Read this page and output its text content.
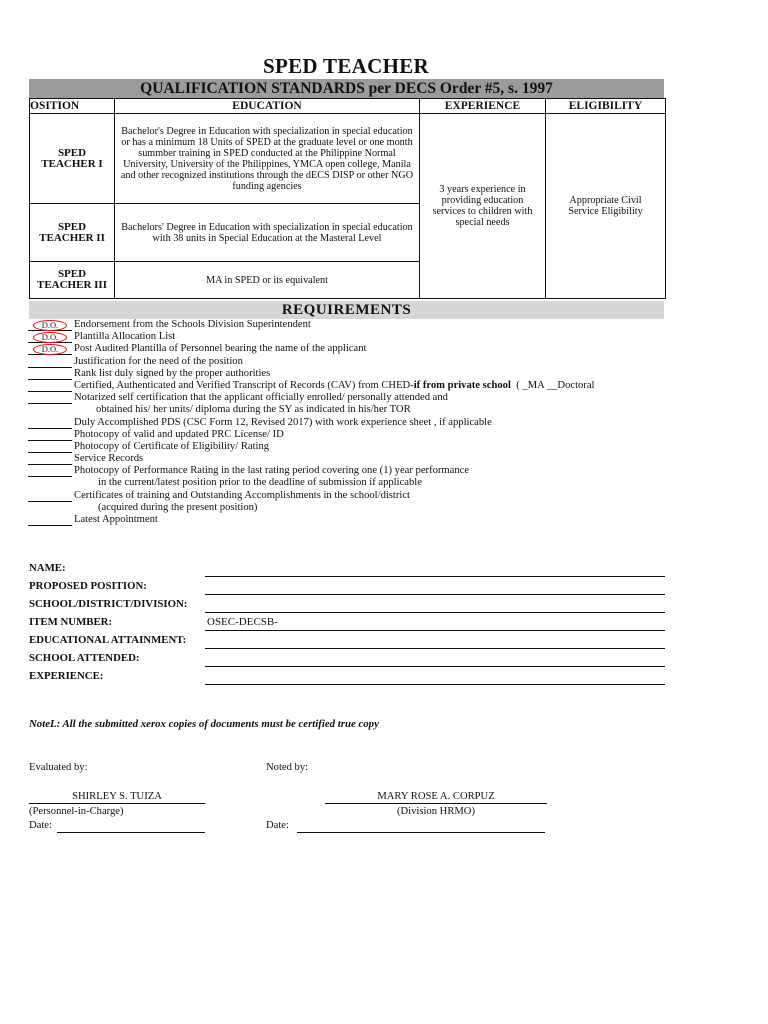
SPED TEACHER
QUALIFICATION STANDARDS per DECS Order #5, s. 1997
OSITION	EDUCATION	EXPERIENCE	ELIGIBILITY
SPED
TEACHER I	Bachelor's Degree in Education with specialization in special education or has a minimum 18 Units of SPED at the graduate level or one month summber training in SPED conducted at the Philippine Normal University, University of the Philippines, YMCA open college, Manila and other recognized institutions through the dECS DISP or other NGO funding agencies	3 years experience in providing education services to children with special needs	Appropriate Civil Service Eligibility
SPED
TEACHER II	Bachelors' Degree in Education with specialization in special education with 38 units in Special Education at the Masteral Level		
SPED
TEACHER III	MA in SPED or its equivalent		
REQUIREMENTS
D.O.	Endorsement from the Schools Division Superintendent
D.O.	Plantilla Allocation List
D.O.	Post Audited Plantilla of Personnel bearing the name of the applicant
Justification for the need of the position
Rank list duly signed by the proper authorities
Certified, Authenticated and Verified Transcript of Records (CAV) from CHED-if from private school  ( _MA __Doctoral
Notarized self certification that the applicant officially enrolled/ personally attended and
obtained his/ her units/ diploma during the SY as indicated in his/her TOR
Duly Accomplished PDS (CSC Form 12, Revised 2017) with work experience sheet , if applicable
Photocopy of valid and updated PRC License/ ID
Photocopy of Certificate of Eligibility/ Rating
Service Records
Photocopy of Performance Rating in the last rating period covering one (1) year performance
in the current/latest position prior to the deadline of submission if applicable
Certificates of training and Outstanding Accomplishments in the school/district
(acquired during the present position)
Latest Appointment
NAME:
PROPOSED POSITION:
SCHOOL/DISTRICT/DIVISION:
ITEM NUMBER:	OSEC-DECSB-
EDUCATIONAL ATTAINMENT:
SCHOOL ATTENDED:
EXPERIENCE:
NoteL: All the submitted xerox copies of documents must be certified true copy
Evaluated by:	Noted by:
SHIRLEY S. TUIZA
(Personnel-in-Charge)
MARY ROSE A. CORPUZ
(Division HRMO)
Date:	Date:
